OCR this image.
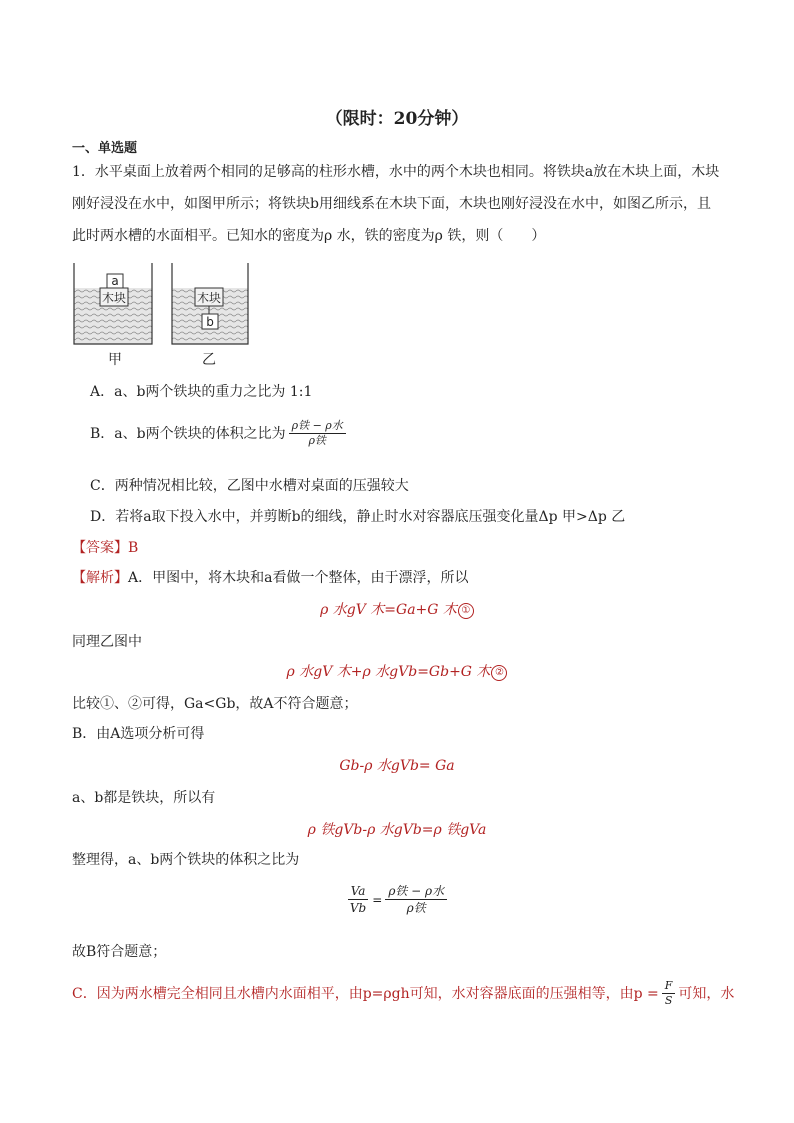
（限时：20分钟）
一、单选题
1．水平桌面上放着两个相同的足够高的柱形水槽，水中的两个木块也相同。将铁块a放在木块上面，木块
刚好浸没在水中，如图甲所示；将铁块b用细线系在木块下面，木块也刚好浸没在水中，如图乙所示，且
此时两水槽的水面相平。已知水的密度为ρ 水，铁的密度为ρ 铁，则（　　）
木块
a
木块
b
甲	乙
A．a、b两个铁块的重力之比为 1:1
B．a、b两个铁块的体积之比为 $\frac{\text{ρ铁 − ρ水}}{\text{ρ铁}}$
C．两种情况相比较，乙图中水槽对桌面的压强较大
D．若将a取下投入水中，并剪断b的细线，静止时水对容器底压强变化量Δp 甲>Δp 乙
【答案】B
【解析】A．甲图中，将木块和a看做一个整体，由于漂浮，所以
ρ 水gV 木=Ga+G 木 ①
同理乙图中
ρ 水gV 木+ρ 水gVb=Gb+G 木 ②
比较①、②可得，Ga<Gb，故A不符合题意；
B．由A选项分析可得
Gb-ρ 水gVb= Ga
a、b都是铁块，所以有
ρ 铁gVb-ρ 水gVb=ρ 铁gVa
整理得，a、b两个铁块的体积之比为
$\frac{Va}{Vb} = \frac{\text{ρ铁 − ρ水}}{\text{ρ铁}}$
故B符合题意；
C．因为两水槽完全相同且水槽内水面相平，由p=ρgh可知，水对容器底面的压强相等，由$p = \frac{F}{S}$ 可知，水
